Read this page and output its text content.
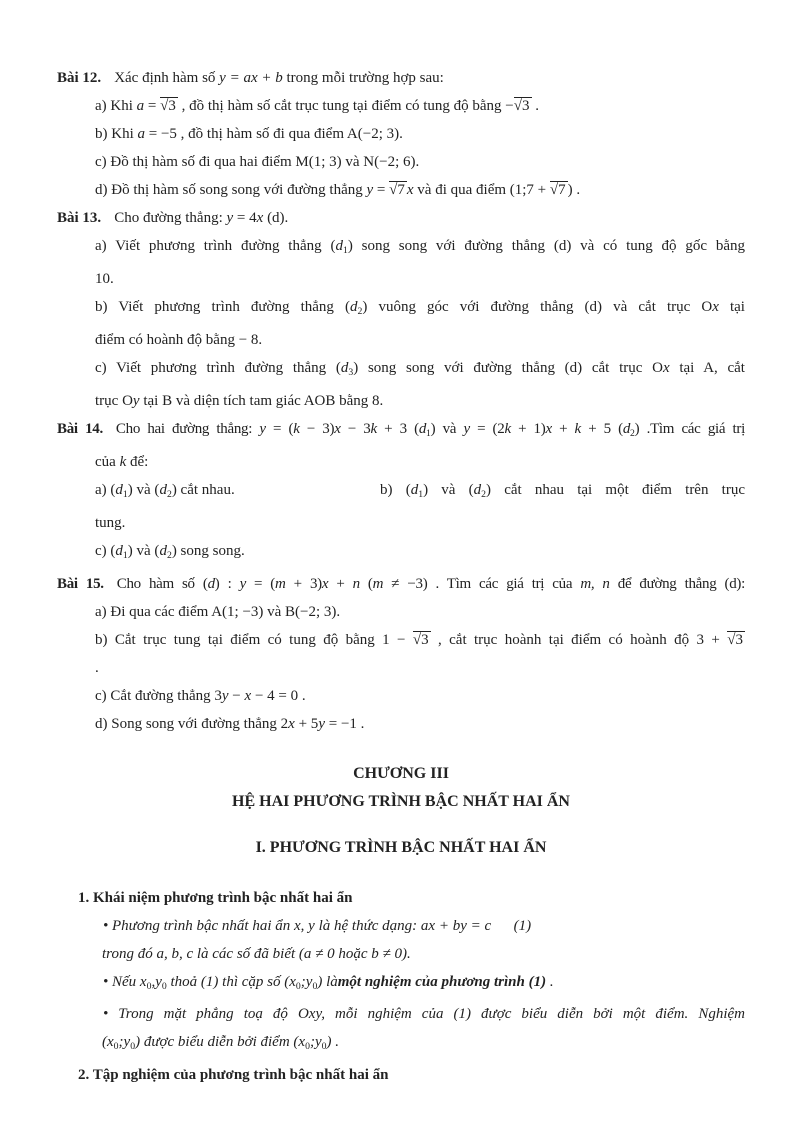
Bài 12. Xác định hàm số y = ax + b trong mỗi trường hợp sau:
a) Khi a = √ 3 , đồ thị hàm số cắt trục tung tại điểm có tung độ bằng − √ 3 .
b) Khi a = −5 , đồ thị hàm số đi qua điểm A(−2; 3).
c) Đồ thị hàm số đi qua hai điểm M(1; 3) và N(−2; 6).
d) Đồ thị hàm số song song với đường thẳng y = √ 7 x và đi qua điểm (1;7 + √ 7 ) .
Bài 13. Cho đường thẳng: y = 4x (d).
a) Viết phương trình đường thẳng (d1) song song với đường thẳng (d) và có tung độ gốc bằng
10.
b) Viết phương trình đường thẳng (d2) vuông góc với đường thẳng (d) và cắt trục Ox tại
điểm có hoành độ bằng − 8.
c) Viết phương trình đường thẳng (d3) song song với đường thẳng (d) cắt trục Ox tại A, cắt
trục Oy tại B và diện tích tam giác AOB bằng 8.
Bài 14. Cho hai đường thẳng: y = (k − 3)x − 3k + 3 (d1) và y = (2k + 1)x + k + 5 (d2) .Tìm các giá trị
của k để:
a) (d1) và (d2) cắt nhau.	b) (d1) và (d2) cắt nhau tại một điểm trên trục
tung.
c) (d1) và (d2) song song.
Bài 15. Cho hàm số (d) : y = (m + 3)x + n (m ≠ −3) . Tìm các giá trị của m, n để đường thẳng (d):
a) Đi qua các điểm A(1; −3) và B(−2; 3).
b) Cắt trục tung tại điểm có tung độ bằng 1 − √ 3 , cắt trục hoành tại điểm có hoành độ 3 + √ 3
.
c) Cắt đường thẳng 3y − x − 4 = 0 .
d) Song song với đường thẳng 2x + 5y = −1 .
CHƯƠNG III
HỆ HAI PHƯƠNG TRÌNH BẬC NHẤT HAI ẨN
I. PHƯƠNG TRÌNH BẬC NHẤT HAI ẨN
1. Khái niệm phương trình bậc nhất hai ẩn
• Phương trình bậc nhất hai ẩn x, y là hệ thức dạng: ax + by = c      (1)
trong đó a, b, c là các số đã biết (a ≠ 0 hoặc b ≠ 0).
• Nếu x0,y0 thoả (1) thì cặp số (x0;y0) làmột nghiệm của phương trình (1) .
• Trong mặt phẳng toạ độ Oxy, mỗi nghiệm của (1) được biểu diễn bởi một điểm. Nghiệm
(x0;y0) được biểu diễn bởi điểm (x0;y0) .
2. Tập nghiệm của phương trình bậc nhất hai ẩn
